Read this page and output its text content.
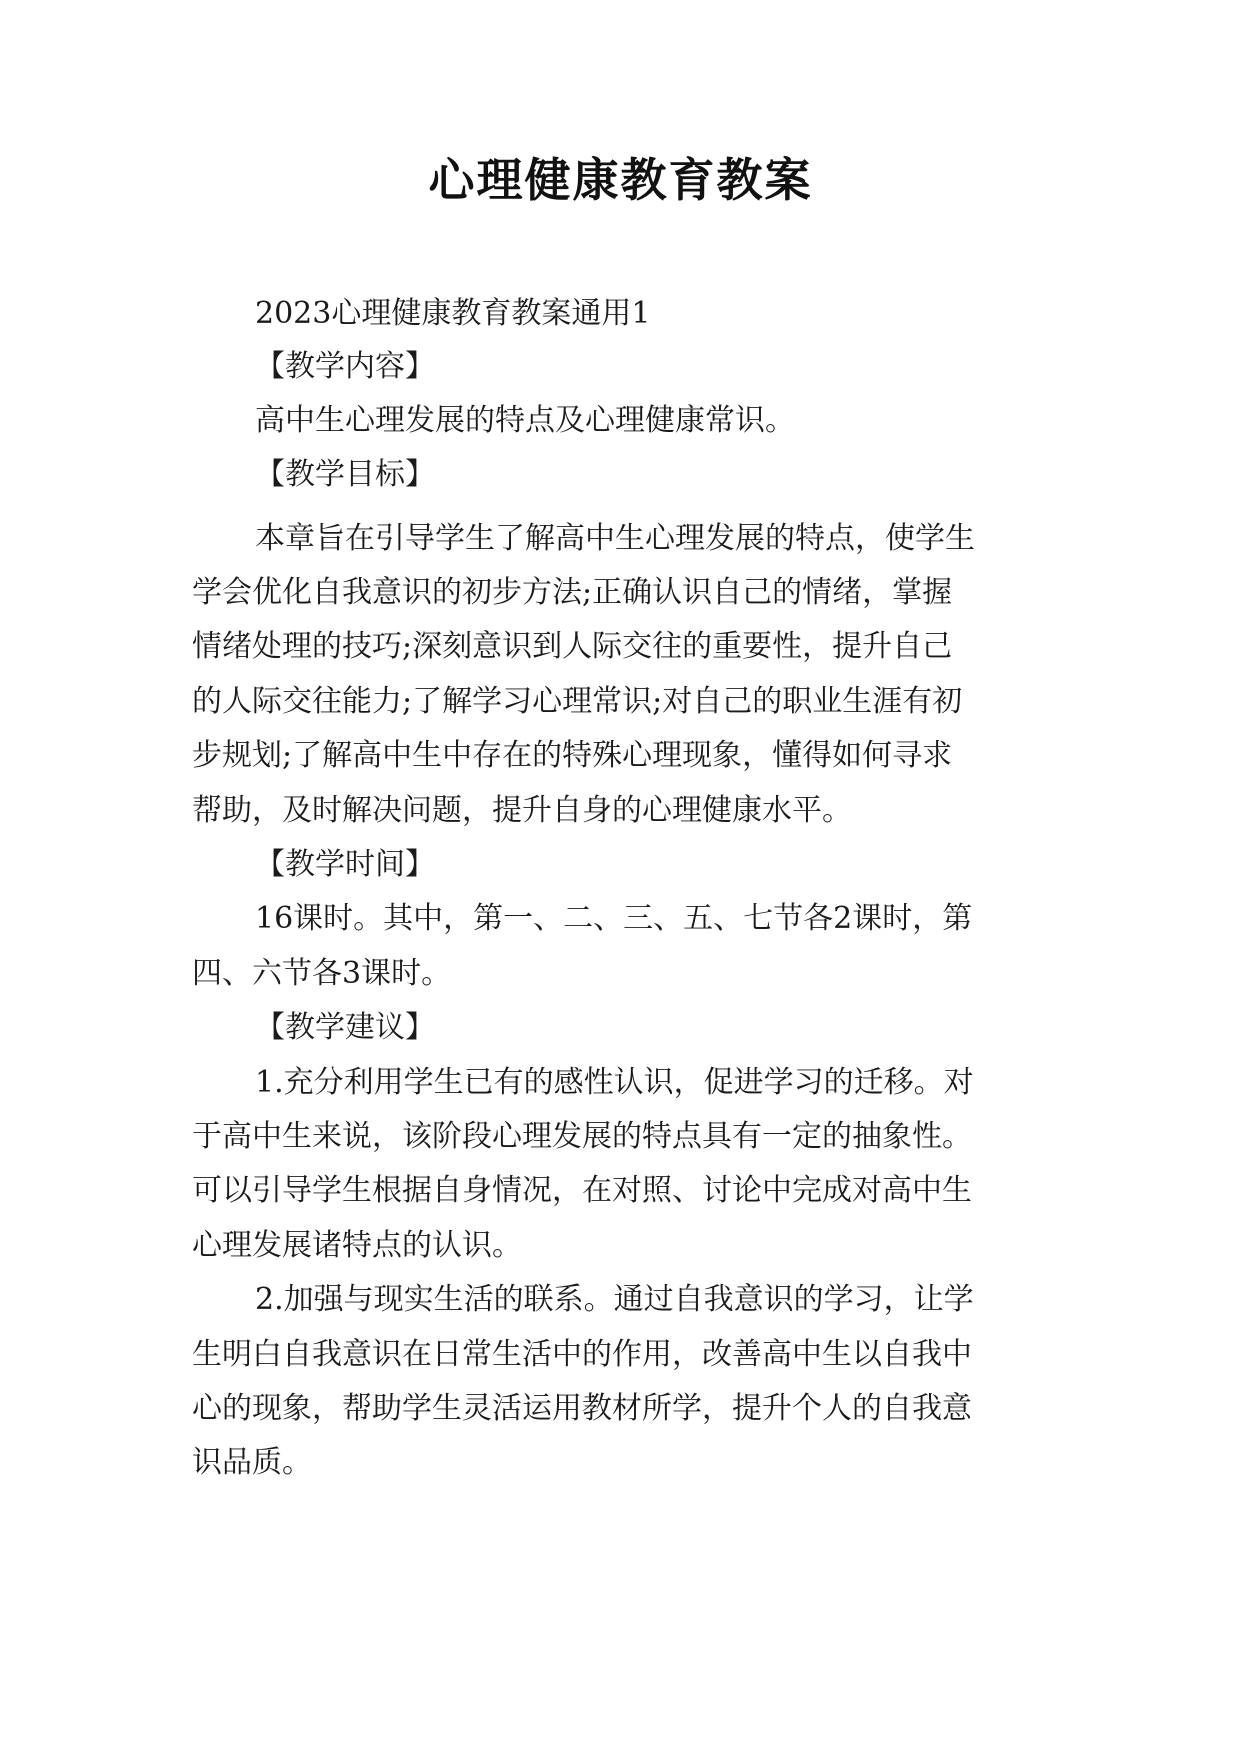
心理健康教育教案
2023心理健康教育教案通用1
【教学内容】
高中生心理发展的特点及心理健康常识。
【教学目标】
本章旨在引导学生了解高中生心理发展的特点，使学生
学会优化自我意识的初步方法;正确认识自己的情绪，掌握
情绪处理的技巧;深刻意识到人际交往的重要性，提升自己
的人际交往能力;了解学习心理常识;对自己的职业生涯有初
步规划;了解高中生中存在的特殊心理现象，懂得如何寻求
帮助，及时解决问题，提升自身的心理健康水平。
【教学时间】
16课时。其中，第一、二、三、五、七节各2课时，第
四、六节各3课时。
【教学建议】
1.充分利用学生已有的感性认识，促进学习的迁移。对
于高中生来说，该阶段心理发展的特点具有一定的抽象性。
可以引导学生根据自身情况，在对照、讨论中完成对高中生
心理发展诸特点的认识。
2.加强与现实生活的联系。通过自我意识的学习，让学
生明白自我意识在日常生活中的作用，改善高中生以自我中
心的现象，帮助学生灵活运用教材所学，提升个人的自我意
识品质。
